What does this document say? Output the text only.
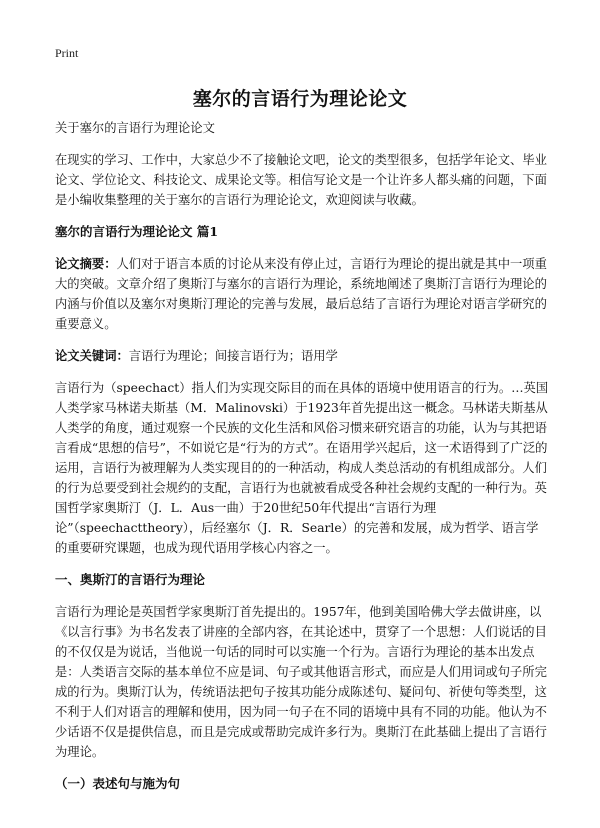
Print
塞尔的言语行为理论论文

关于塞尔的言语行为理论论文

在现实的学习、工作中，大家总少不了接触论文吧，论文的类型很多，包括学年论文、毕业论文、学位论文、科技论文、成果论文等。相信写论文是一个让许多人都头痛的问题，下面是小编收集整理的关于塞尔的言语行为理论论文，欢迎阅读与收藏。

塞尔的言语行为理论论文 篇1

论文摘要：人们对于语言本质的讨论从来没有停止过，言语行为理论的提出就是其中一项重大的突破。文章介绍了奥斯汀与塞尔的言语行为理论，系统地阐述了奥斯汀言语行为理论的内涵与价值以及塞尔对奥斯汀理论的完善与发展，最后总结了言语行为理论对语言学研究的重要意义。

论文关键词：言语行为理论；间接言语行为；语用学

言语行为（speechact）指人们为实现交际目的而在具体的语境中使用语言的行为。…英国人类学家马林诺夫斯基（M．Malinovski）于1923年首先提出这一概念。马林诺夫斯基从人类学的角度，通过观察一个民族的文化生活和风俗习惯来研究语言的功能，认为与其把语言看成“思想的信号”，不如说它是“行为的方式”。在语用学兴起后，这一术语得到了广泛的运用，言语行为被理解为人类实现目的的一种活动，构成人类总活动的有机组成部分。人们的行为总要受到社会规约的支配，言语行为也就被看成受各种社会规约支配的一种行为。英国哲学家奥斯汀（J．L．Aus一曲）于20世纪50年代提出“言语行为理论”（speechacttheory），后经塞尔（J．R．Searle）的完善和发展，成为哲学、语言学的重要研究课题，也成为现代语用学核心内容之一。

一、奥斯汀的言语行为理论

言语行为理论是英国哲学家奥斯汀首先提出的。1957年，他到美国哈佛大学去做讲座，以《以言行事》为书名发表了讲座的全部内容，在其论述中，贯穿了一个思想：人们说话的目的不仅仅是为说话，当他说一句话的同时可以实施一个行为。言语行为理论的基本出发点是：人类语言交际的基本单位不应是词、句子或其他语言形式，而应是人们用词或句子所完成的行为。奥斯汀认为，传统语法把句子按其功能分成陈述句、疑问句、祈使句等类型，这不利于人们对语言的理解和使用，因为同一句子在不同的语境中具有不同的功能。他认为不少话语不仅是提供信息，而且是完成或帮助完成许多行为。奥斯汀在此基础上提出了言语行为理论。

（一）表述句与施为句
